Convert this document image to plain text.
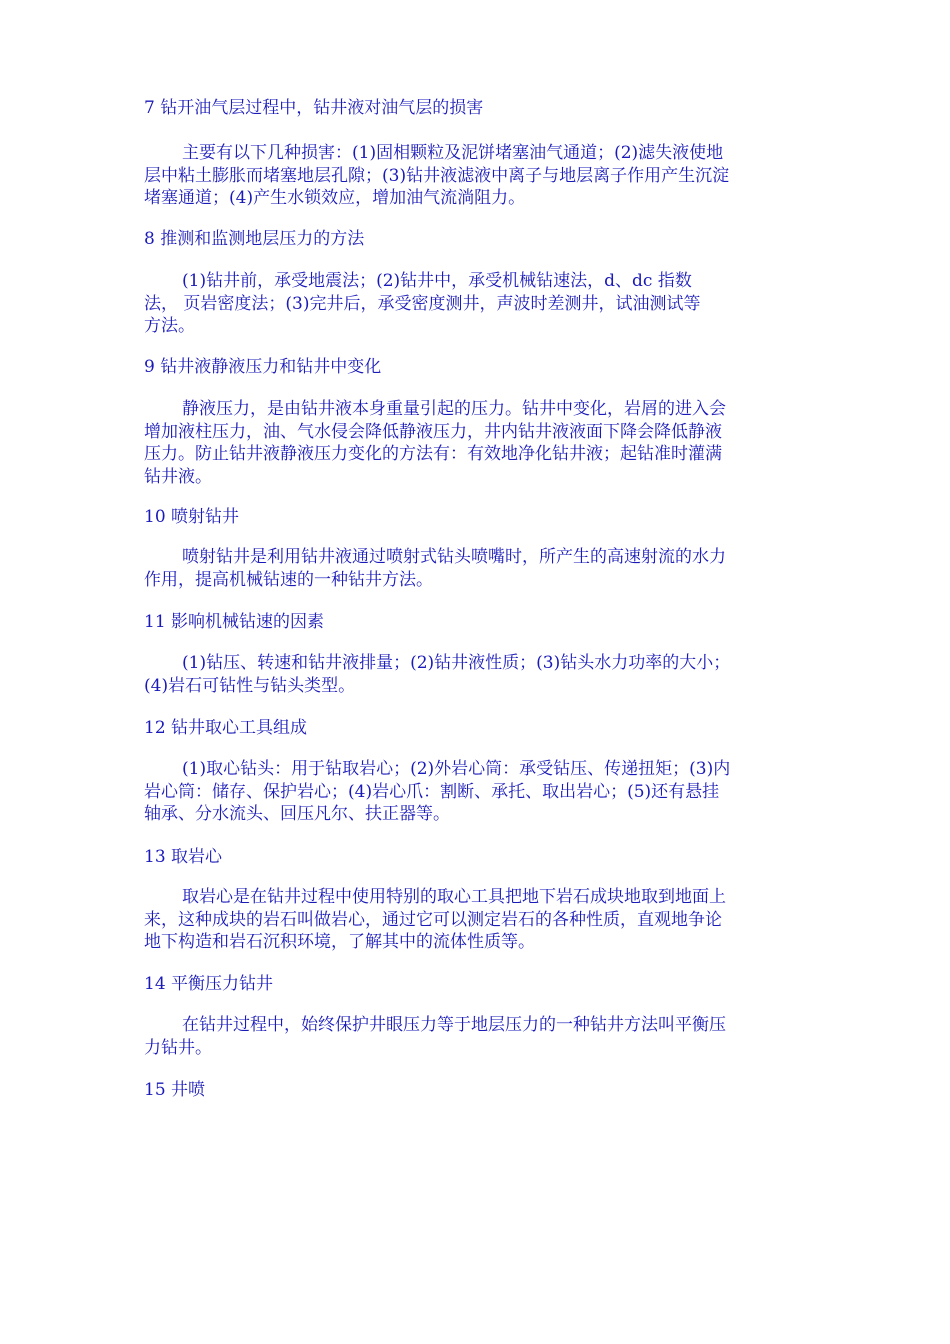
7 钻开油气层过程中，钻井液对油气层的损害
主要有以下几种损害：(1)固相颗粒及泥饼堵塞油气通道；(2)滤失液使地
层中粘土膨胀而堵塞地层孔隙；(3)钻井液滤液中离子与地层离子作用产生沉淀
堵塞通道；(4)产生水锁效应，增加油气流淌阻力。
8 推测和监测地层压力的方法
(1)钻井前，承受地震法；(2)钻井中，承受机械钻速法，d、dc 指数
法， 页岩密度法；(3)完井后，承受密度测井，声波时差测井，试油测试等
方法。
9 钻井液静液压力和钻井中变化
静液压力，是由钻井液本身重量引起的压力。钻井中变化，岩屑的进入会
增加液柱压力，油、气水侵会降低静液压力，井内钻井液液面下降会降低静液
压力。防止钻井液静液压力变化的方法有：有效地净化钻井液；起钻准时灌满
钻井液。
10 喷射钻井
喷射钻井是利用钻井液通过喷射式钻头喷嘴时，所产生的高速射流的水力
作用，提高机械钻速的一种钻井方法。
11 影响机械钻速的因素
(1)钻压、转速和钻井液排量；(2)钻井液性质；(3)钻头水力功率的大小；
(4)岩石可钻性与钻头类型。
12 钻井取心工具组成
(1)取心钻头：用于钻取岩心；(2)外岩心筒：承受钻压、传递扭矩；(3)内
岩心筒：储存、保护岩心；(4)岩心爪：割断、承托、取出岩心；(5)还有悬挂
轴承、分水流头、回压凡尔、扶正器等。
13 取岩心
取岩心是在钻井过程中使用特别的取心工具把地下岩石成块地取到地面上
来，这种成块的岩石叫做岩心，通过它可以测定岩石的各种性质，直观地争论
地下构造和岩石沉积环境，了解其中的流体性质等。
14 平衡压力钻井
在钻井过程中，始终保护井眼压力等于地层压力的一种钻井方法叫平衡压
力钻井。
15 井喷
